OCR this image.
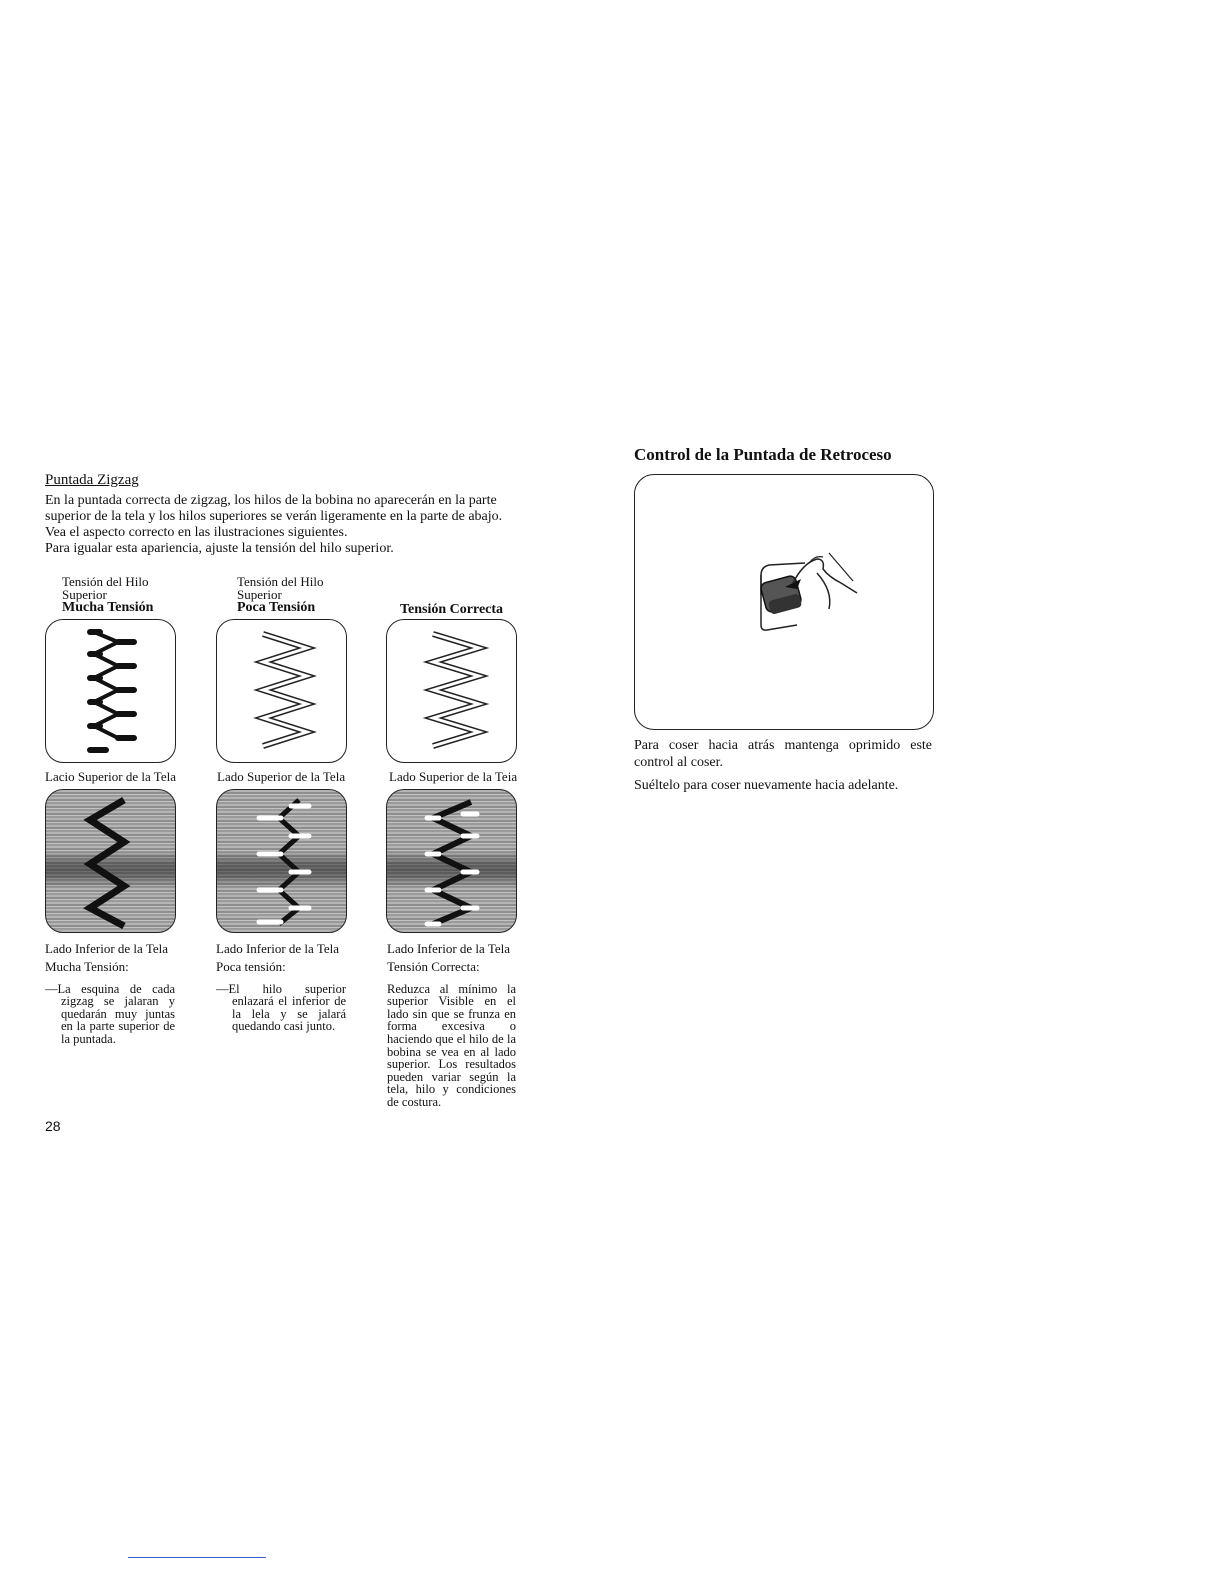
Puntada Zigzag

En la puntada correcta de zigzag, los hilos de la bobina no aparecerán en la parte

superior de la tela y los hilos superiores se verán ligeramente en la parte de abajo.

Vea el aspecto correcto en las ilustraciones siguientes.

Para igualar esta apariencia, ajuste la tensión del hilo superior.

Tensión del Hilo
Superior
Mucha Tensión
Tensión del Hilo
Superior
Poca Tensión	Tensión Correcta
Lacio Superior de la Tela	Lado Superior de la Tela	Lado Superior de la Teia
Lado Inferior de la Tela	Lado Inferior de la Tela	Lado Inferior de la Tela
Mucha Tensión:
—La esquina de cada zigzag se jalaran y quedarán muy juntas en la parte superior de la puntada.
Poca tensión:
—El hilo superior enlazará el inferior de la lela y se jalará quedando casi junto.
Tensión Correcta:
Reduzca al mínimo la superior Visible en el lado sin que se frunza en forma excesiva o haciendo que el hilo de la bobina se vea en al lado superior. Los resultados pueden variar según la tela, hilo y condiciones de costura.
28
Control de la Puntada de Retroceso

Para coser hacia atrás mantenga oprimido este control al coser.

Suéltelo para coser nuevamente hacia adelante.
